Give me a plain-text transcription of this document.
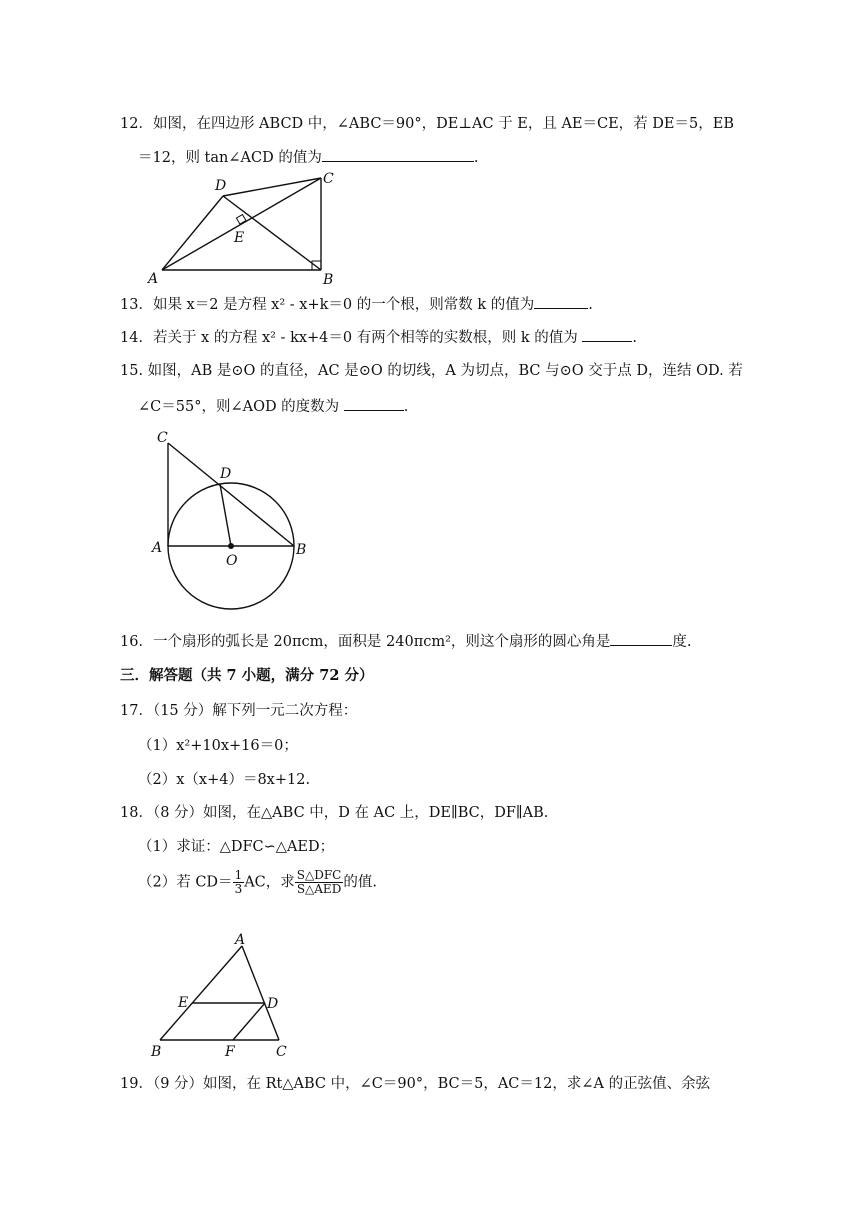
12．如图，在四边形 ABCD 中，∠ABC＝90°，DE⊥AC 于 E，且 AE＝CE，若 DE＝5，EB
＝12，则 tan∠ACD 的值为	.
A	B
C
D
E
13．如果 x＝2 是方程 x² - x+k＝0 的一个根，则常数 k 的值为	.
14．若关于 x 的方程 x² - kx+4＝0 有两个相等的实数根，则 k 的值为	.
15. 如图，AB 是⊙O 的直径，AC 是⊙O 的切线，A 为切点，BC 与⊙O 交于点 D，连结 OD. 若
∠C＝55°，则∠AOD 的度数为	.
C
D
A	B
O
16．一个扇形的弧长是 20πcm，面积是 240πcm²，则这个扇形的圆心角是	度.
三．解答题（共 7 小题，满分 72 分）
17．（15 分）解下列一元二次方程：
（1）x²+10x+16＝0；
（2）x（x+4）＝8x+12.
18．（8 分）如图，在△ABC 中，D 在 AC 上，DE∥BC，DF∥AB.
（1）求证：△DFC∽△AED；
（2）若 $CD= \frac{1}{3}$ AC，求 $\frac{\text{S△DFC}}{\text{S△AED}}$ 的值.
A
E	D
B	F	C
19．（9 分）如图，在 Rt△ABC 中，∠C＝90°，BC＝5，AC＝12，求∠A 的正弦值、余弦
